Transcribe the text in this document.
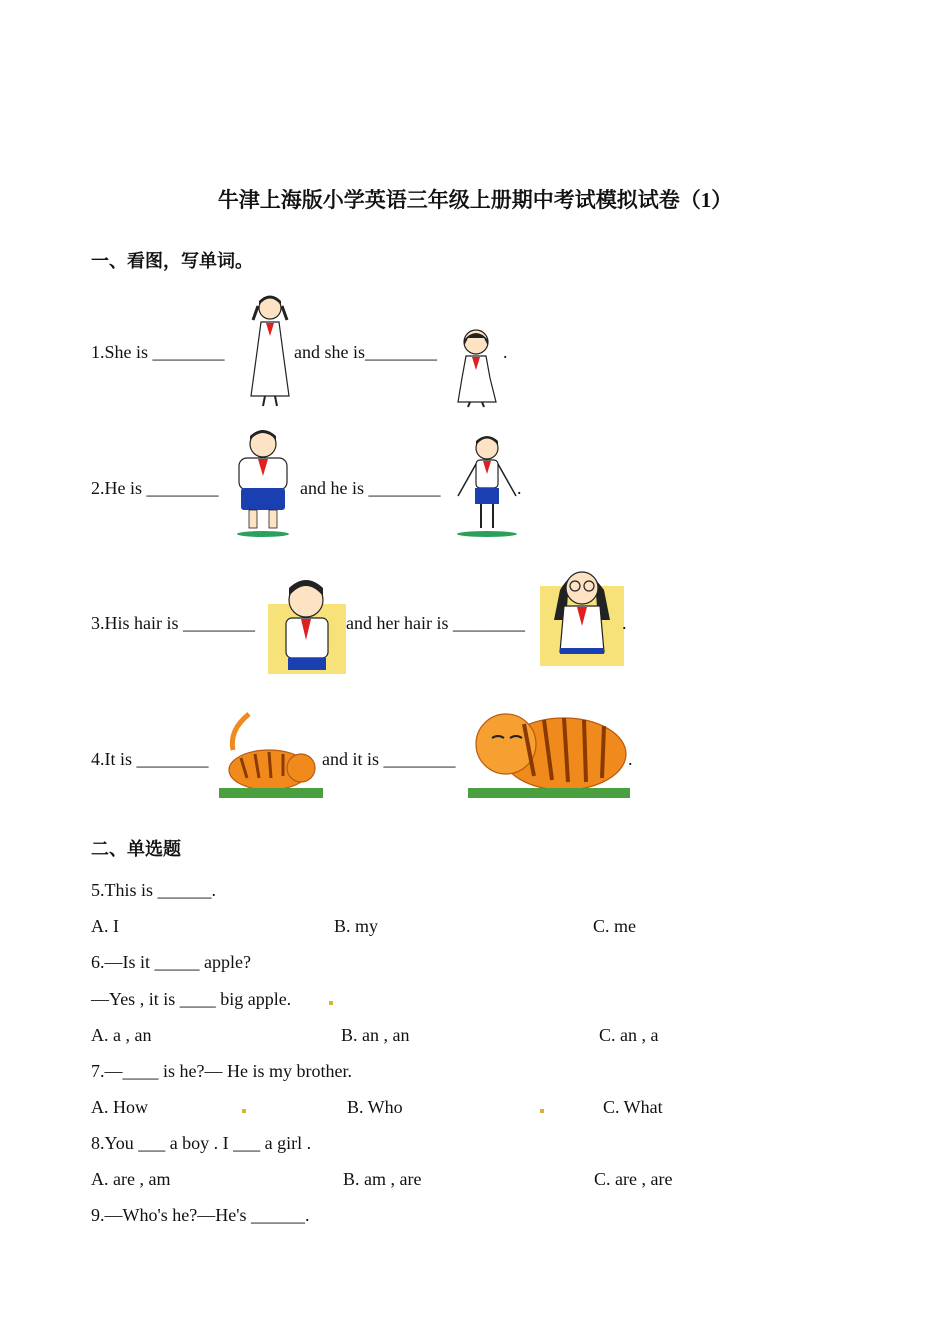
牛津上海版小学英语三年级上册期中考试模拟试卷（1）
一、看图，写单词。
1.She is ________	and she is________	.
2.He is ________	and he is ________	.
3.His hair is ________	and her hair is ________	.
4.It is ________	and it is ________	.
二、单选题
5.This is ______.
A. I	B. my	C. me
6.—Is it _____ apple?
—Yes , it is ____ big apple.
A. a , an	B. an , an	C. an , a
7.—____ is he?— He is my brother.
A. How	B. Who	C. What
8.You ___ a boy . I ___ a girl .
A. are , am	B. am , are	C. are , are
9.—Who's he?—He's ______.
